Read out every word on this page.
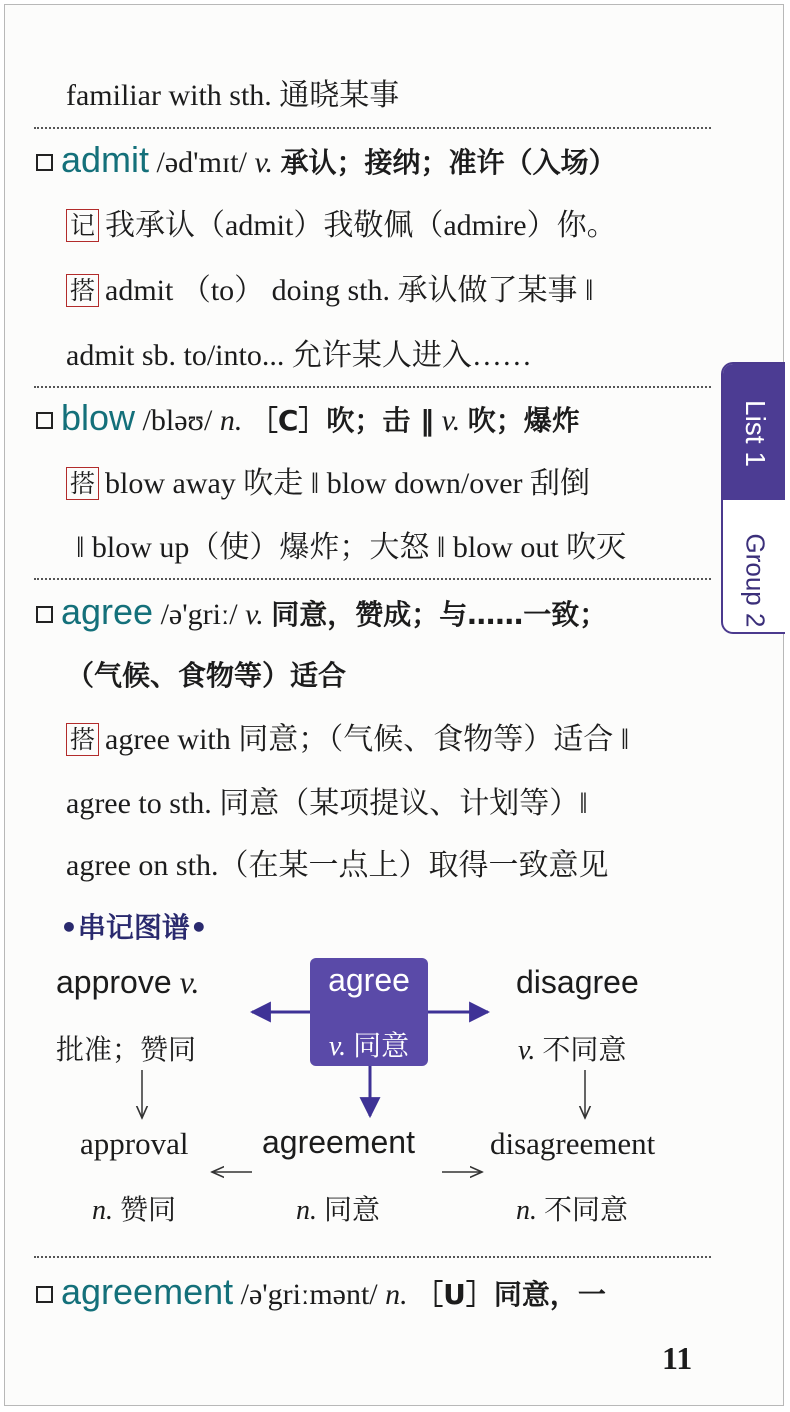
familiar with sth. 通晓某事
admit /əd'mɪt/ v. 承认；接纳；准许（入场）
记 我承认（admit）我敬佩（admire）你。
搭 admit （to） doing sth. 承认做了某事 ‖
admit sb. to/into... 允许某人进入……
blow /bləʊ/ n. ［C］吹；击 ‖ v. 吹；爆炸
搭 blow away 吹走 ‖ blow down/over 刮倒
‖ blow up（使）爆炸；大怒 ‖ blow out 吹灭
agree /ə'griː/ v. 同意，赞成；与……一致；
（气候、食物等）适合
搭 agree with 同意；（气候、食物等）适合 ‖
agree to sth. 同意（某项提议、计划等）‖
agree on sth.（在某一点上）取得一致意见
•串记图谱•
agree
v. 同意
approve v.
批准；赞同
disagree
v. 不同意
approval
n. 赞同
agreement
n. 同意
disagreement
n. 不同意
agreement /ə'griːmənt/ n. ［U］同意，一
List 1
Group 2
11
